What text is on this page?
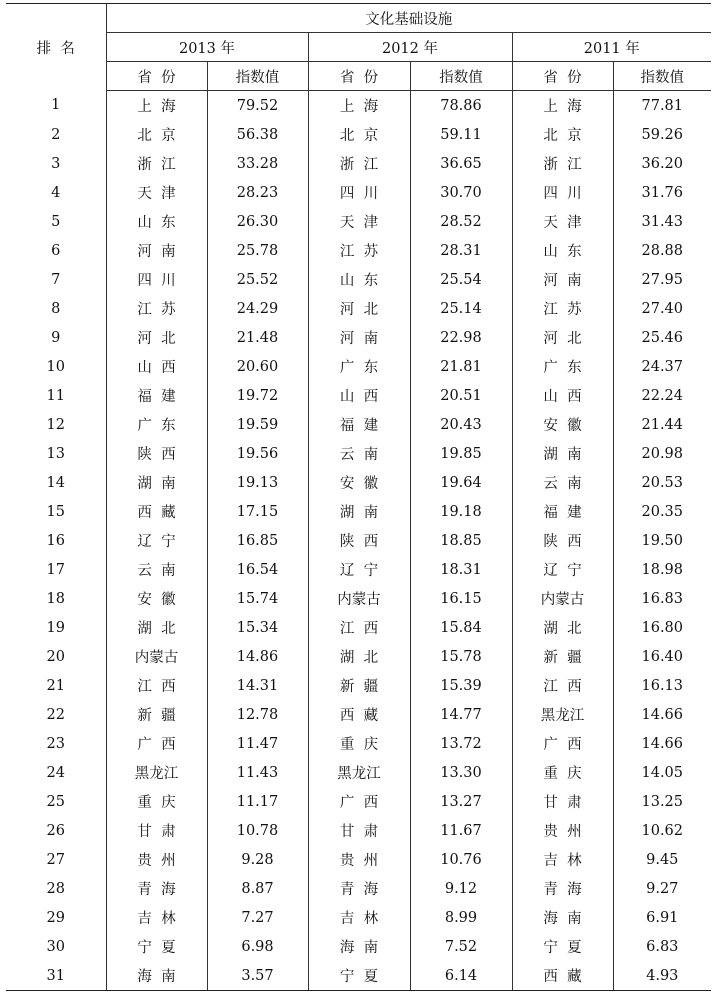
排  名	文化基础设施					
	2013 年		2012 年		2011 年	
	省  份	指数值	省  份	指数值	省  份	指数值
1	上  海	79.52	上  海	78.86	上  海	77.81
2	北  京	56.38	北  京	59.11	北  京	59.26
3	浙  江	33.28	浙  江	36.65	浙  江	36.20
4	天  津	28.23	四  川	30.70	四  川	31.76
5	山  东	26.30	天  津	28.52	天  津	31.43
6	河  南	25.78	江  苏	28.31	山  东	28.88
7	四  川	25.52	山  东	25.54	河  南	27.95
8	江  苏	24.29	河  北	25.14	江  苏	27.40
9	河  北	21.48	河  南	22.98	河  北	25.46
10	山  西	20.60	广  东	21.81	广  东	24.37
11	福  建	19.72	山  西	20.51	山  西	22.24
12	广  东	19.59	福  建	20.43	安  徽	21.44
13	陕  西	19.56	云  南	19.85	湖  南	20.98
14	湖  南	19.13	安  徽	19.64	云  南	20.53
15	西  藏	17.15	湖  南	19.18	福  建	20.35
16	辽  宁	16.85	陕  西	18.85	陕  西	19.50
17	云  南	16.54	辽  宁	18.31	辽  宁	18.98
18	安  徽	15.74	内蒙古	16.15	内蒙古	16.83
19	湖  北	15.34	江  西	15.84	湖  北	16.80
20	内蒙古	14.86	湖  北	15.78	新  疆	16.40
21	江  西	14.31	新  疆	15.39	江  西	16.13
22	新  疆	12.78	西  藏	14.77	黑龙江	14.66
23	广  西	11.47	重  庆	13.72	广  西	14.66
24	黑龙江	11.43	黑龙江	13.30	重  庆	14.05
25	重  庆	11.17	广  西	13.27	甘  肃	13.25
26	甘  肃	10.78	甘  肃	11.67	贵  州	10.62
27	贵  州	9.28	贵  州	10.76	吉  林	9.45
28	青  海	8.87	青  海	9.12	青  海	9.27
29	吉  林	7.27	吉  林	8.99	海  南	6.91
30	宁  夏	6.98	海  南	7.52	宁  夏	6.83
31	海  南	3.57	宁  夏	6.14	西  藏	4.93
